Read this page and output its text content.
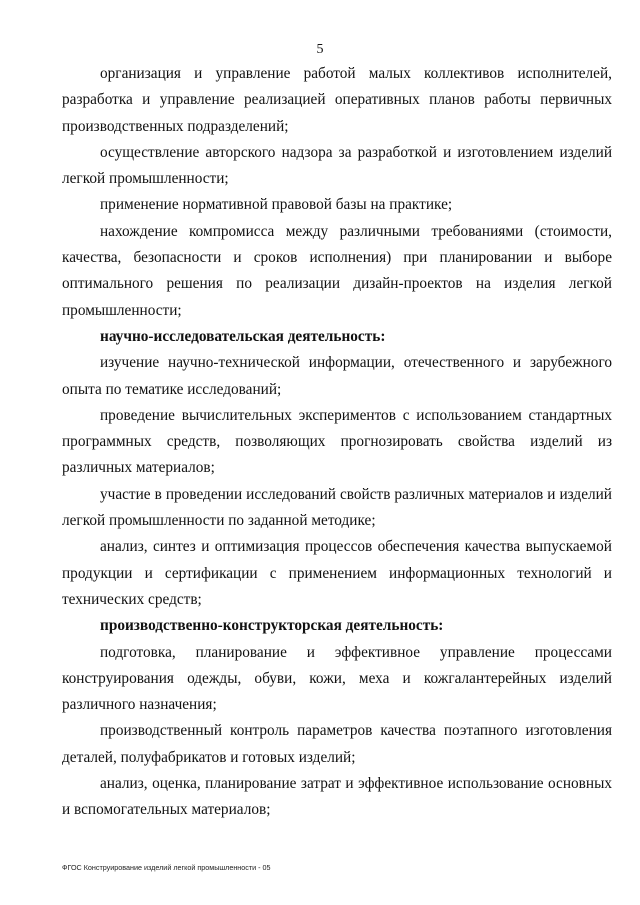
5

организация и управление работой малых коллективов исполнителей, разработка и управление реализацией оперативных планов работы первичных производственных подразделений;

осуществление авторского надзора за разработкой и изготовлением изделий легкой промышленности;

применение нормативной правовой базы на практике;

нахождение компромисса между различными требованиями (стоимости, качества, безопасности и сроков исполнения) при планировании и выборе оптимального решения по реализации дизайн-проектов на изделия легкой промышленности;

научно-исследовательская деятельность:

изучение научно-технической информации, отечественного и зарубежного опыта по тематике исследований;

проведение вычислительных экспериментов с использованием стандартных программных средств, позволяющих прогнозировать свойства изделий из различных материалов;

участие в проведении исследований свойств различных материалов и изделий легкой промышленности по заданной методике;

анализ, синтез и оптимизация процессов обеспечения качества выпускаемой продукции и сертификации с применением информационных технологий и технических средств;

производственно-конструкторская деятельность:

подготовка, планирование и эффективное управление процессами конструирования одежды, обуви, кожи, меха и кожгалантерейных изделий различного назначения;

производственный контроль параметров качества поэтапного изготовления деталей, полуфабрикатов и готовых изделий;

анализ, оценка, планирование затрат и эффективное использование основных и вспомогательных материалов;

ФГОС Конструирование изделий легкой промышленности - 05
